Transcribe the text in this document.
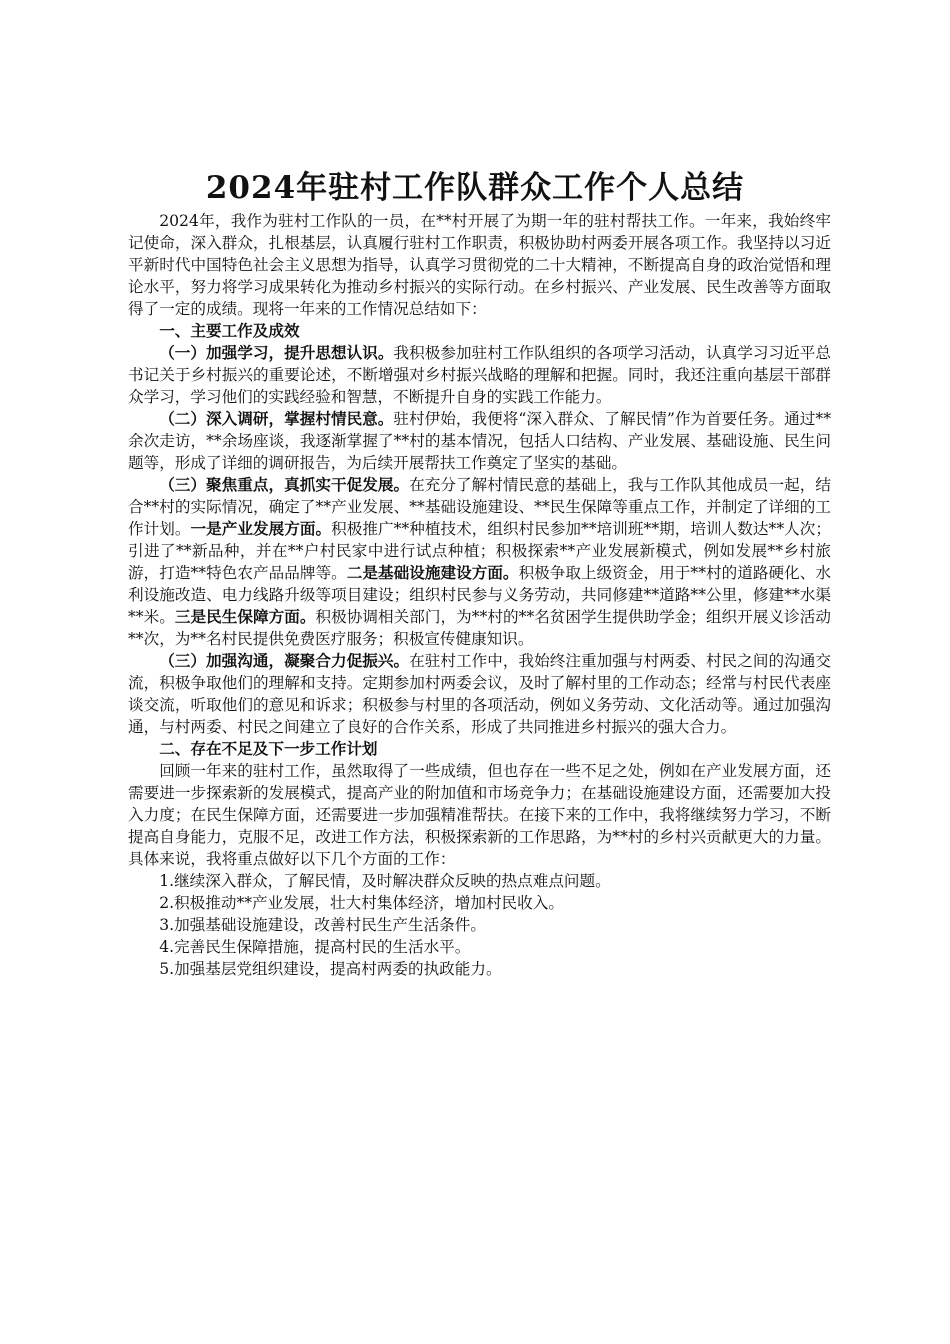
2024年驻村工作队群众工作个人总结

2024年，我作为驻村工作队的一员，在**村开展了为期一年的驻村帮扶工作。一年来，我始终牢记使命，深入群众，扎根基层，认真履行驻村工作职责，积极协助村两委开展各项工作。我坚持以习近平新时代中国特色社会主义思想为指导，认真学习贯彻党的二十大精神，不断提高自身的政治觉悟和理论水平，努力将学习成果转化为推动乡村振兴的实际行动。在乡村振兴、产业发展、民生改善等方面取得了一定的成绩。现将一年来的工作情况总结如下：

一、主要工作及成效

（一）加强学习，提升思想认识。我积极参加驻村工作队组织的各项学习活动，认真学习习近平总书记关于乡村振兴的重要论述，不断增强对乡村振兴战略的理解和把握。同时，我还注重向基层干部群众学习，学习他们的实践经验和智慧，不断提升自身的实践工作能力。

（二）深入调研，掌握村情民意。驻村伊始，我便将“深入群众、了解民情”作为首要任务。通过**余次走访，**余场座谈，我逐渐掌握了**村的基本情况，包括人口结构、产业发展、基础设施、民生问题等，形成了详细的调研报告，为后续开展帮扶工作奠定了坚实的基础。

（三）聚焦重点，真抓实干促发展。在充分了解村情民意的基础上，我与工作队其他成员一起，结合**村的实际情况，确定了**产业发展、**基础设施建设、**民生保障等重点工作，并制定了详细的工作计划。一是产业发展方面。积极推广**种植技术，组织村民参加**培训班**期，培训人数达**人次；引进了**新品种，并在**户村民家中进行试点种植；积极探索**产业发展新模式，例如发展**乡村旅游，打造**特色农产品品牌等。二是基础设施建设方面。积极争取上级资金，用于**村的道路硬化、水利设施改造、电力线路升级等项目建设；组织村民参与义务劳动，共同修建**道路**公里，修建**水渠**米。三是民生保障方面。积极协调相关部门，为**村的**名贫困学生提供助学金；组织开展义诊活动**次，为**名村民提供免费医疗服务；积极宣传健康知识。

（三）加强沟通，凝聚合力促振兴。在驻村工作中，我始终注重加强与村两委、村民之间的沟通交流，积极争取他们的理解和支持。定期参加村两委会议，及时了解村里的工作动态；经常与村民代表座谈交流，听取他们的意见和诉求；积极参与村里的各项活动，例如义务劳动、文化活动等。通过加强沟通，与村两委、村民之间建立了良好的合作关系，形成了共同推进乡村振兴的强大合力。

二、存在不足及下一步工作计划

回顾一年来的驻村工作，虽然取得了一些成绩，但也存在一些不足之处，例如在产业发展方面，还需要进一步探索新的发展模式，提高产业的附加值和市场竞争力；在基础设施建设方面，还需要加大投入力度；在民生保障方面，还需要进一步加强精准帮扶。在接下来的工作中，我将继续努力学习，不断提高自身能力，克服不足，改进工作方法，积极探索新的工作思路，为**村的乡村兴贡献更大的力量。具体来说，我将重点做好以下几个方面的工作：

1.继续深入群众，了解民情，及时解决群众反映的热点难点问题。

2.积极推动**产业发展，壮大村集体经济，增加村民收入。

3.加强基础设施建设，改善村民生产生活条件。

4.完善民生保障措施，提高村民的生活水平。

5.加强基层党组织建设，提高村两委的执政能力。
